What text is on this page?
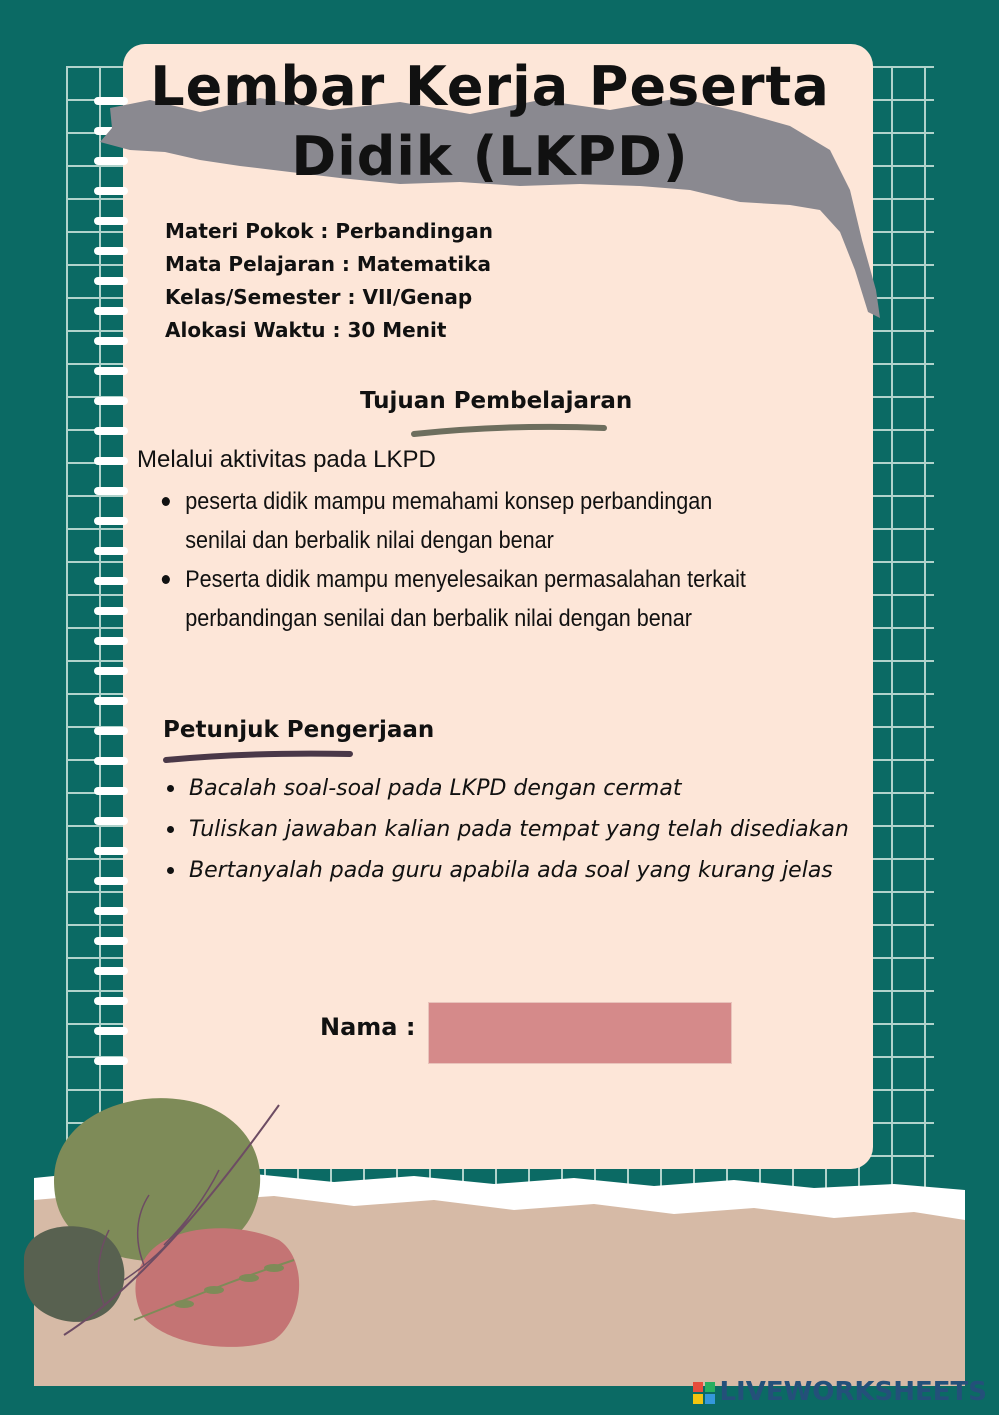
Lembar Kerja Peserta
Didik (LKPD)
Materi Pokok : Perbandingan
Mata Pelajaran : Matematika
Kelas/Semester : VII/Genap
Alokasi Waktu : 30 Menit
Tujuan Pembelajaran
Melalui aktivitas pada LKPD
peserta didik mampu memahami konsep perbandingan senilai dan berbalik nilai dengan benar
Peserta didik mampu menyelesaikan permasalahan terkait perbandingan senilai dan berbalik nilai dengan benar
Petunjuk Pengerjaan
Bacalah soal-soal pada LKPD dengan cermat
Tuliskan jawaban kalian pada tempat yang telah disediakan
Bertanyalah pada guru apabila ada soal yang kurang jelas
Nama :
LIVEWORKSHEETS
